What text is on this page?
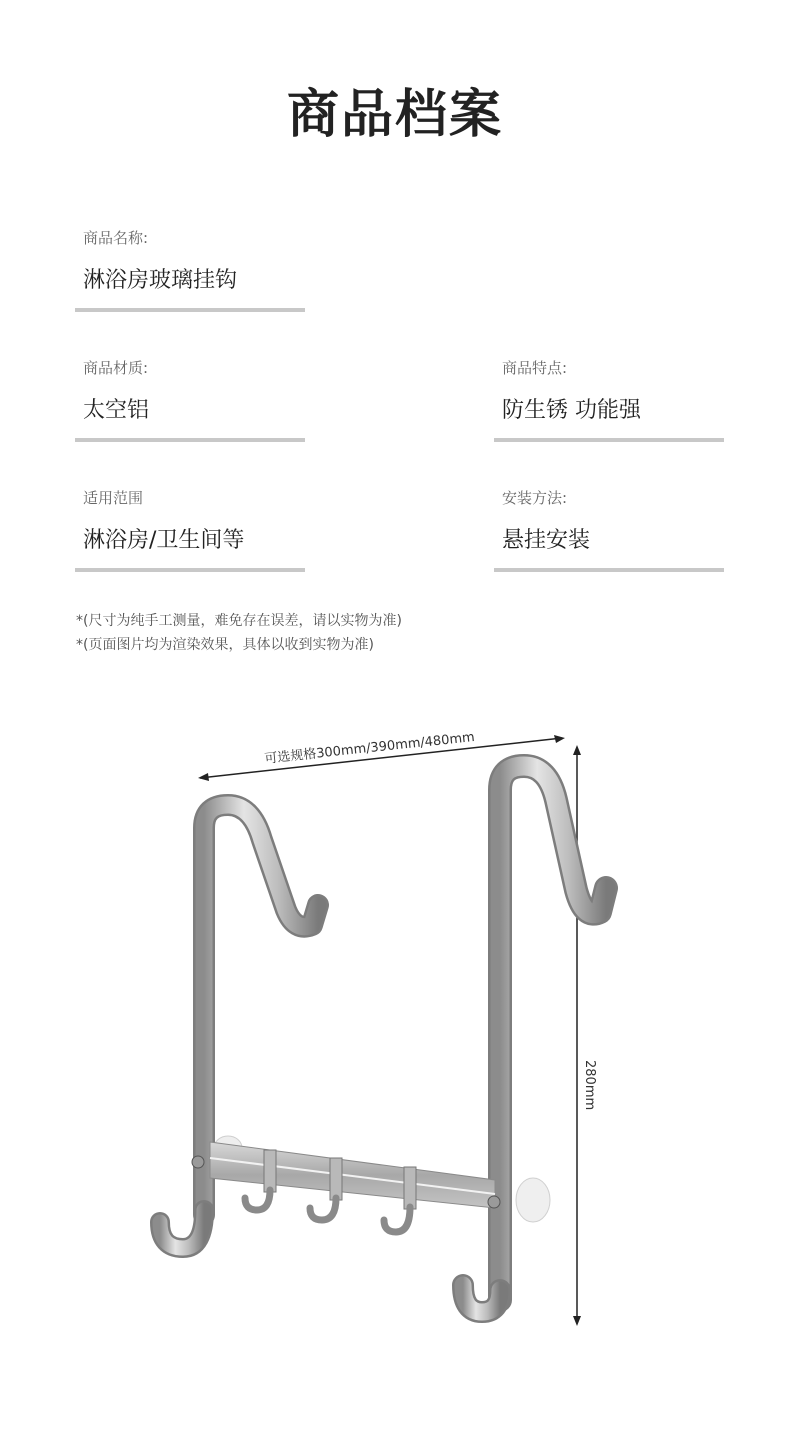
商品档案
商品名称:
淋浴房玻璃挂钩
商品材质:
太空铝
商品特点:
防生锈 功能强
适用范围
淋浴房/卫生间等
安装方法:
悬挂安装
*(尺寸为纯手工测量，难免存在误差，请以实物为准)
*(页面图片均为渲染效果，具体以收到实物为准)
可选规格300mm/390mm/480mm
280mm
